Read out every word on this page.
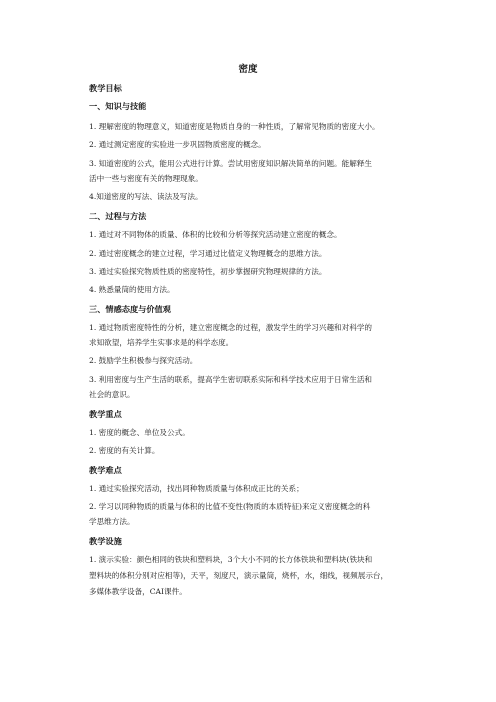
密度
教学目标
一、知识与技能
1. 理解密度的物理意义，知道密度是物质自身的一种性质，了解常见物质的密度大小。
2. 通过测定密度的实验进一步巩固物质密度的概念。
3. 知道密度的公式，能用公式进行计算。尝试用密度知识解决简单的问题。能解释生
活中一些与密度有关的物理现象。
4.知道密度的写法、读法及写法。
二、过程与方法
1. 通过对不同物体的质量、体积的比较和分析等探究活动建立密度的概念。
2. 通过密度概念的建立过程，学习通过比值定义物理概念的思维方法。
3. 通过实验探究物质性质的密度特性，初步掌握研究物理规律的方法。
4. 熟悉量筒的使用方法。
三、情感态度与价值观
1. 通过物质密度特性的分析，建立密度概念的过程，激发学生的学习兴趣和对科学的
求知欲望，培养学生实事求是的科学态度。
2. 鼓励学生积极参与探究活动。
3. 利用密度与生产生活的联系，提高学生密切联系实际和科学技术应用于日常生活和
社会的意识。
教学重点
1. 密度的概念、单位及公式。
2. 密度的有关计算。
教学难点
1. 通过实验探究活动，找出同种物质质量与体积成正比的关系；
2. 学习以同种物质的质量与体积的比值不变性(物质的本质特征)来定义密度概念的科
学思维方法。
教学设施
1. 演示实验：颜色相同的铁块和塑料块，3个大小不同的长方体铁块和塑料块(铁块和
塑料块的体积分别对应相等)，天平，刻度尺，演示量筒，烧杯，水，细线，视频展示台，
多媒体教学设备，CAI课件。
